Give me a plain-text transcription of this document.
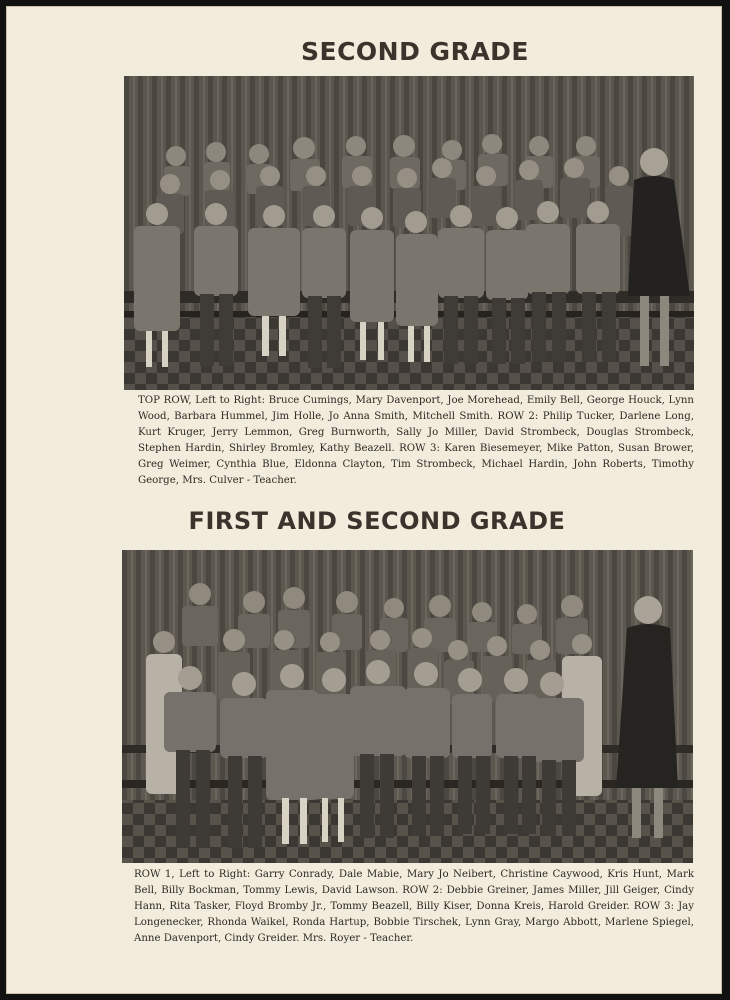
SECOND GRADE
TOP ROW, Left to Right: Bruce Cumings, Mary Davenport, Joe Morehead, Emily Bell, George Houck, Lynn Wood, Barbara Hummel, Jim Holle, Jo Anna Smith, Mitchell Smith. ROW 2: Philip Tucker, Darlene Long, Kurt Kruger, Jerry Lemmon, Greg Burnworth, Sally Jo Miller, David Strombeck, Douglas Strombeck, Stephen Hardin, Shirley Bromley, Kathy Beazell. ROW 3: Karen Biesemeyer, Mike Patton, Susan Brower, Greg Weimer, Cynthia Blue, Eldonna Clayton, Tim Strombeck, Michael Hardin, John Roberts, Timothy George, Mrs. Culver - Teacher.
FIRST AND SECOND GRADE
ROW 1, Left to Right: Garry Conrady, Dale Mabie, Mary Jo Neibert, Christine Caywood, Kris Hunt, Mark Bell, Billy Bockman, Tommy Lewis, David Lawson. ROW 2: Debbie Greiner, James Miller, Jill Geiger, Cindy Hann, Rita Tasker, Floyd Bromby Jr., Tommy Beazell, Billy Kiser, Donna Kreis, Harold Greider. ROW 3: Jay Longenecker, Rhonda Waikel, Ronda Hartup, Bobbie Tirschek, Lynn Gray, Margo Abbott, Marlene Spiegel, Anne Davenport, Cindy Greider. Mrs. Royer - Teacher.
